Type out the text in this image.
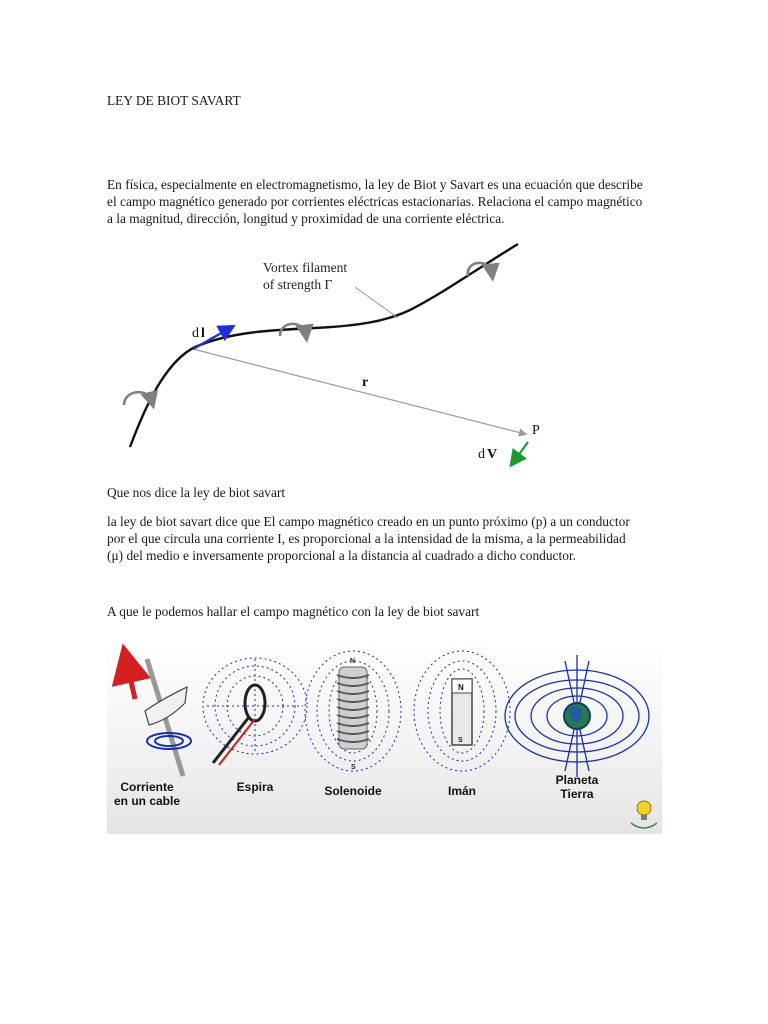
LEY DE BIOT SAVART
En física, especialmente en electromagnetismo, la ley de Biot y Savart es una ecuación que describe
el campo magnético generado por corrientes eléctricas estacionarias. Relaciona el campo magnético
a la magnitud, dirección, longitud y proximidad de una corriente eléctrica.
Vortex filament
of strength Γ
d l
r
P
d V
Que nos dice la ley de biot savart
la ley de biot savart dice que El campo magnético creado en un punto próximo (p) a un conductor
por el que circula una corriente I, es proporcional a la intensidad de la misma, a la permeabilidad
(μ) del medio e inversamente proporcional a la distancia al cuadrado a dicho conductor.
A que le podemos hallar el campo magnético con la ley de biot savart
N
S
N
S
Corriente
en un cable
Espira	Solenoide	Imán
Planeta
Tierra
